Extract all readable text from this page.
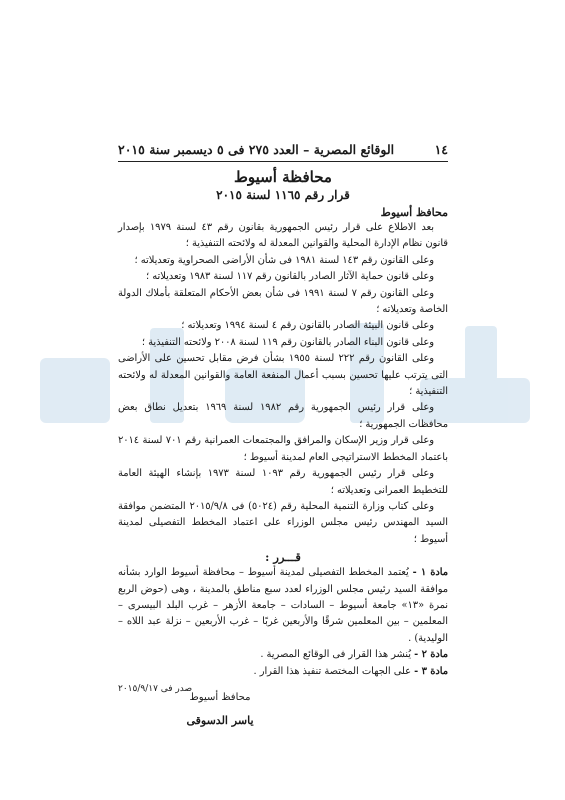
١٤
الوقائع المصرية – العدد ٢٧٥ فى ٥ ديسمبر سنة ٢٠١٥
محافظة أسيوط
قرار رقم ١١٦٥ لسنة ٢٠١٥
محافظ أسيوط

بعد الاطلاع على قرار رئيس الجمهورية بقانون رقم ٤٣ لسنة ١٩٧٩ بإصدار قانون نظام الإدارة المحلية والقوانين المعدلة له ولائحته التنفيذية ؛

وعلى القانون رقم ١٤٣ لسنة ١٩٨١ فى شأن الأراضى الصحراوية وتعديلاته ؛

وعلى قانون حماية الآثار الصادر بالقانون رقم ١١٧ لسنة ١٩٨٣ وتعديلاته ؛

وعلى القانون رقم ٧ لسنة ١٩٩١ فى شأن بعض الأحكام المتعلقة بأملاك الدولة الخاصة وتعديلاته ؛

وعلى قانون البيئة الصادر بالقانون رقم ٤ لسنة ١٩٩٤ وتعديلاته ؛

وعلى قانون البناء الصادر بالقانون رقم ١١٩ لسنة ٢٠٠٨ ولائحته التنفيذية ؛

وعلى القانون رقم ٢٢٢ لسنة ١٩٥٥ بشأن فرض مقابل تحسين على الأراضى التى يترتب عليها تحسين بسبب أعمال المنفعة العامة والقوانين المعدلة له ولائحته التنفيذية ؛

وعلى قرار رئيس الجمهورية رقم ١٩٨٢ لسنة ١٩٦٩ بتعديل نطاق بعض محافظات الجمهورية ؛

وعلى قرار وزير الإسكان والمرافق والمجتمعات العمرانية رقم ٧٠١ لسنة ٢٠١٤ باعتماد المخطط الاستراتيجى العام لمدينة أسيوط ؛

وعلى قرار رئيس الجمهورية رقم ١٠٩٣ لسنة ١٩٧٣ بإنشاء الهيئة العامة للتخطيط العمرانى وتعديلاته ؛

وعلى كتاب وزارة التنمية المحلية رقم (٥٠٢٤) فى ٢٠١٥/٩/٨ المتضمن موافقة السيد المهندس رئيس مجلس الوزراء على اعتماد المخطط التفصيلى لمدينة أسيوط ؛

قـــرر :

مادة ١ - يُعتمد المخطط التفصيلى لمدينة أسيوط – محافظة أسيوط الوارد بشأنه موافقة السيد رئيس مجلس الوزراء لعدد سبع مناطق بالمدينة ، وهى (حوض الربع نمرة «١٣» جامعة أسيوط – السادات – جامعة الأزهر – غرب البلد البيسرى – المعلمين – بين المعلمين شرقًا والأربعين غربًا – غرب الأربعين – نزلة عبد اللاه – الوليدية) .

مادة ٢ - يُنشر هذا القرار فى الوقائع المصرية .

مادة ٣ - على الجهات المختصة تنفيذ هذا القرار .

صدر فى ٢٠١٥/٩/١٧
محافظ أسيوط
ياسر الدسوقى
